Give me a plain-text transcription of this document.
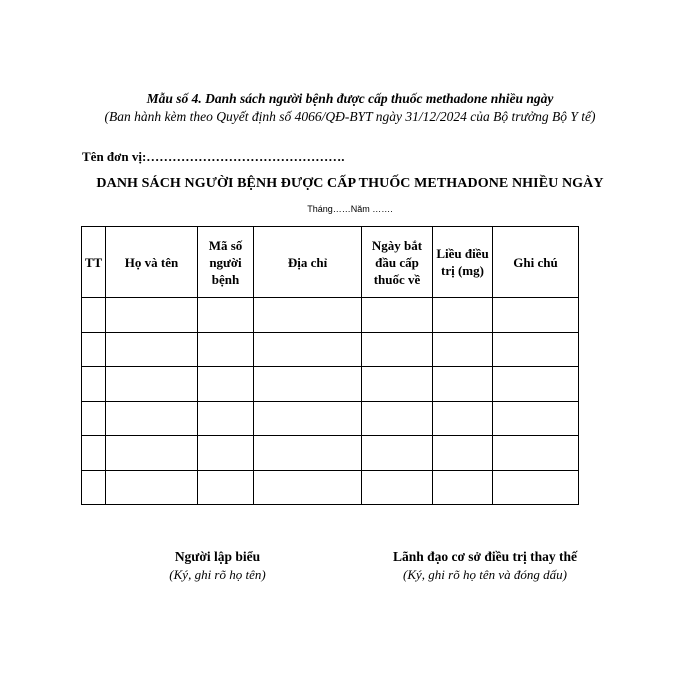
Mẫu số 4. Danh sách người bệnh được cấp thuốc methadone nhiều ngày
(Ban hành kèm theo Quyết định số 4066/QĐ-BYT ngày 31/12/2024 của Bộ trưởng Bộ Y tế)
Tên đơn vị:……………………………………….
DANH SÁCH NGƯỜI BỆNH ĐƯỢC CẤP THUỐC METHADONE NHIỀU NGÀY
Tháng……Năm …….
TT	Họ và tên	Mã số người bệnh	Địa chỉ	Ngày bắt đầu cấp thuốc về	Liều điều trị (mg)	Ghi chú

Người lập biểu
(Ký, ghi rõ họ tên)
Lãnh đạo cơ sở điều trị thay thế
(Ký, ghi rõ họ tên và đóng dấu)
